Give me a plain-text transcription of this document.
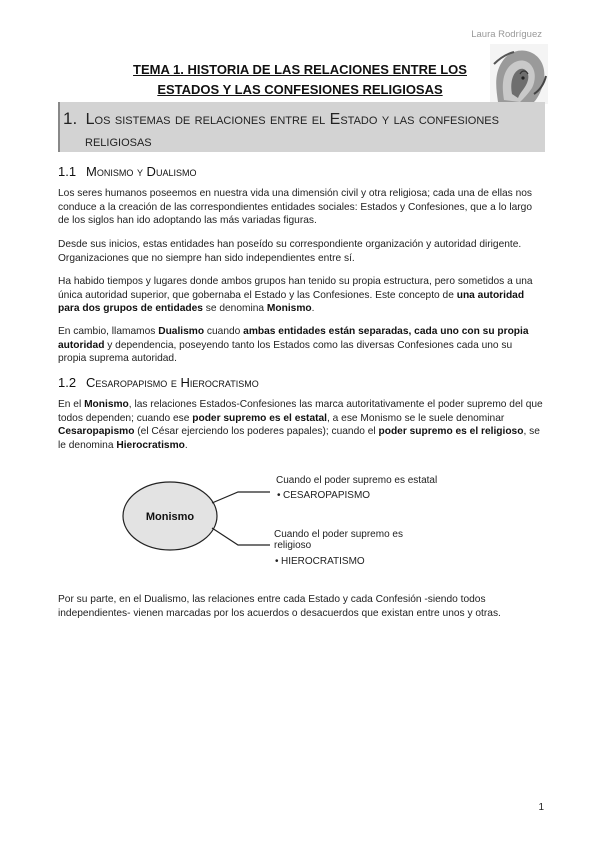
Laura Rodríguez
TEMA 1. HISTORIA DE LAS RELACIONES ENTRE LOS
ESTADOS Y LAS CONFESIONES RELIGIOSAS
1. Los sistemas de relaciones entre el Estado y las confesiones
religiosas
1.1 Monismo y Dualismo
Los seres humanos poseemos en nuestra vida una dimensión civil y otra religiosa; cada una de ellas nos conduce a la creación de las correspondientes entidades sociales: Estados y Confesiones, que a lo largo de los siglos han ido adoptando las más variadas figuras.
Desde sus inicios, estas entidades han poseído su correspondiente organización y autoridad dirigente. Organizaciones que no siempre han sido independientes entre sí.
Ha habido tiempos y lugares donde ambos grupos han tenido su propia estructura, pero sometidos a una única autoridad superior, que gobernaba el Estado y las Confesiones. Este concepto de una autoridad para dos grupos de entidades se denomina Monismo.
En cambio, llamamos Dualismo cuando ambas entidades están separadas, cada uno con su propia autoridad y dependencia, poseyendo tanto los Estados como las diversas Confesiones cada uno su propia suprema autoridad.
1.2 Cesaropapismo e Hierocratismo
En el Monismo, las relaciones Estados-Confesiones las marca autoritativamente el poder supremo del que todos dependen; cuando ese poder supremo es el estatal, a ese Monismo se le suele denominar Cesaropapismo (el César ejerciendo los poderes papales); cuando el poder supremo es el religioso, se le denomina Hierocratismo.
Monismo
Cuando el poder supremo es estatal
• CESAROPAPISMO
Cuando el poder supremo es
religioso
• HIEROCRATISMO
Por su parte, en el Dualismo, las relaciones entre cada Estado y cada Confesión -siendo todos independientes- vienen marcadas por los acuerdos o desacuerdos que existan entre unos y otras.
1
